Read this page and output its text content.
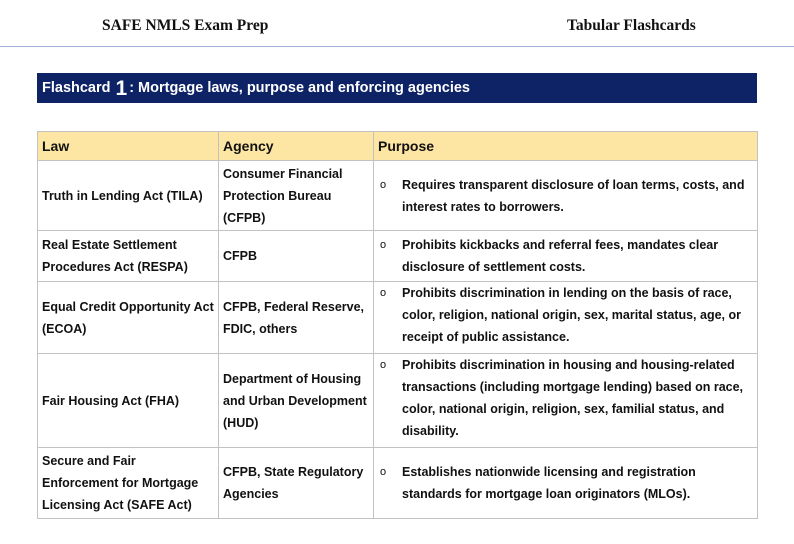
SAFE NMLS Exam Prep	Tabular Flashcards
Flashcard 1 : Mortgage laws, purpose and enforcing agencies
Law	Agency	Purpose
Truth in Lending Act (TILA)	Consumer Financial Protection Bureau (CFPB)	o Requires transparent disclosure of loan terms, costs, and interest rates to borrowers.

Real Estate Settlement Procedures Act (RESPA)	CFPB	o Prohibits kickbacks and referral fees, mandates clear disclosure of settlement costs.

Equal Credit Opportunity Act (ECOA)	CFPB, Federal Reserve, FDIC, others	o Prohibits discrimination in lending on the basis of race, color, religion, national origin, sex, marital status, age, or receipt of public assistance.

Fair Housing Act (FHA)	Department of Housing and Urban Development (HUD)	o Prohibits discrimination in housing and housing-related transactions (including mortgage lending) based on race, color, national origin, religion, sex, familial status, and disability.

Secure and Fair Enforcement for Mortgage Licensing Act (SAFE Act)	CFPB, State Regulatory Agencies	o Establishes nationwide licensing and registration standards for mortgage loan originators (MLOs).
